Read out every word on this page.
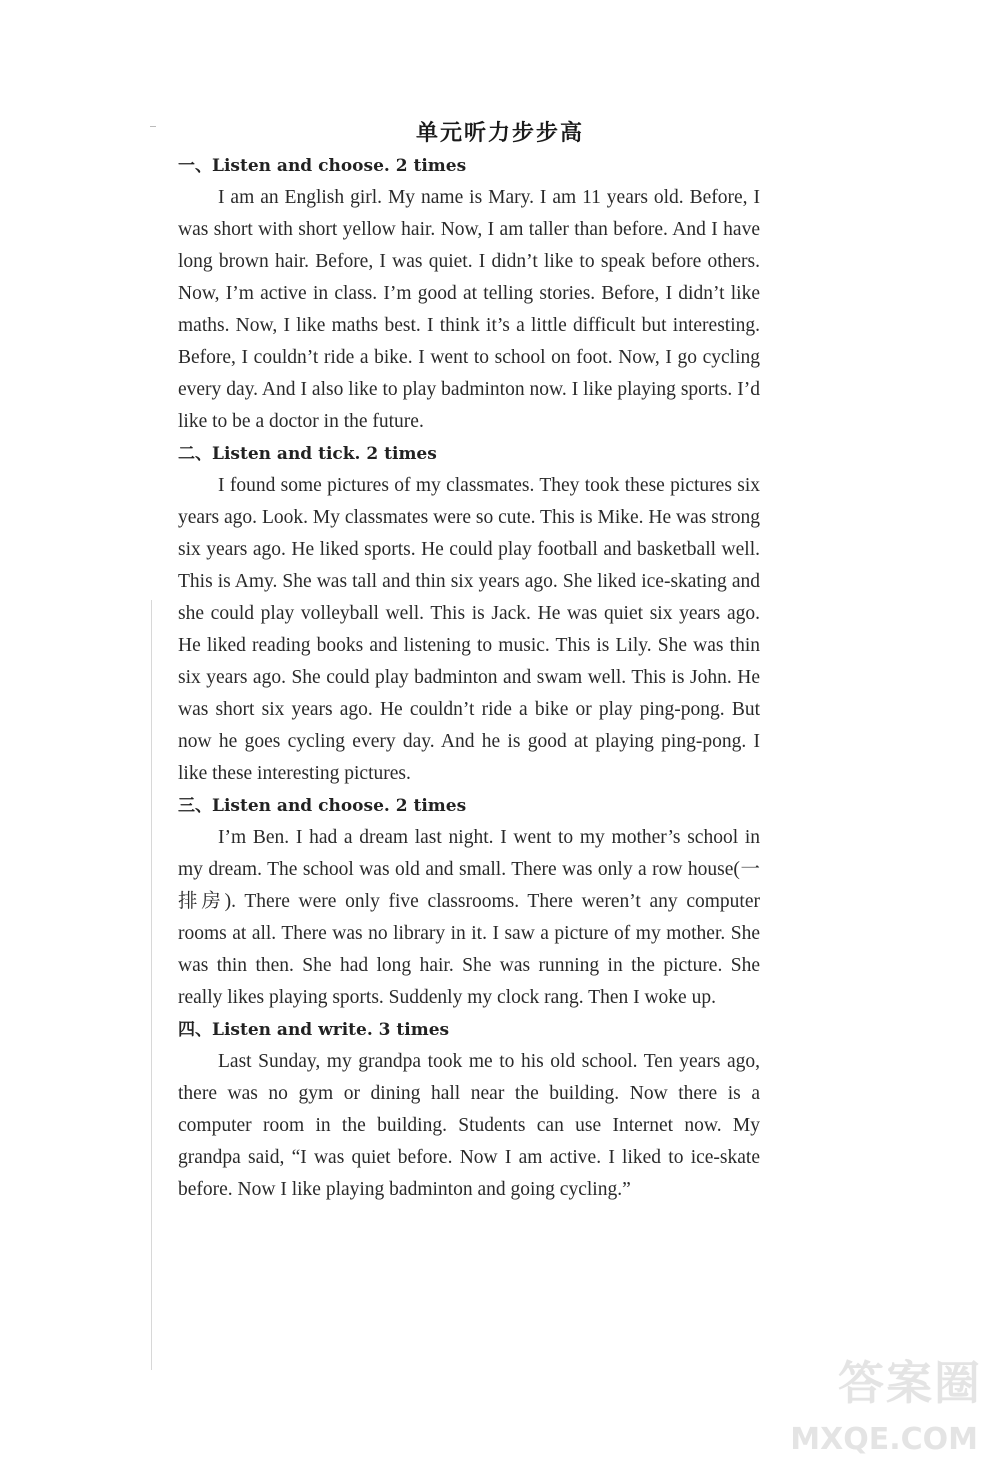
单元听力步步高

一、Listen and choose. 2 times

I am an English girl. My name is Mary. I am 11 years old. Before, I was short with short yellow hair. Now, I am taller than before. And I have long brown hair. Before, I was quiet. I didn’t like to speak before others. Now, I’m active in class. I’m good at telling stories. Before, I didn’t like maths. Now, I like maths best. I think it’s a little difficult but interesting. Before, I couldn’t ride a bike. I went to school on foot. Now, I go cycling every day. And I also like to play badminton now. I like playing sports. I’d like to be a doctor in the future.

二、Listen and tick. 2 times

I found some pictures of my classmates. They took these pictures six years ago. Look. My classmates were so cute. This is Mike. He was strong six years ago. He liked sports. He could play football and basketball well. This is Amy. She was tall and thin six years ago. She liked ice-skating and she could play volleyball well. This is Jack. He was quiet six years ago. He liked reading books and listening to music. This is Lily. She was thin six years ago. She could play badminton and swam well. This is John. He was short six years ago. He couldn’t ride a bike or play ping-pong. But now he goes cycling every day. And he is good at playing ping-pong. I like these interesting pictures.

三、Listen and choose. 2 times

I’m Ben. I had a dream last night. I went to my mother’s school in my dream. The school was old and small. There was only a row house(一排房). There were only five classrooms. There weren’t any computer rooms at all. There was no library in it. I saw a picture of my mother. She was thin then. She had long hair. She was running in the picture. She really likes playing sports. Suddenly my clock rang. Then I woke up.

四、Listen and write. 3 times

Last Sunday, my grandpa took me to his old school. Ten years ago, there was no gym or dining hall near the building. Now there is a computer room in the building. Students can use Internet now. My grandpa said, “I was quiet before. Now I am active. I liked to ice-skate before. Now I like playing badminton and going cycling.”

答案圈
MXQE.COM
